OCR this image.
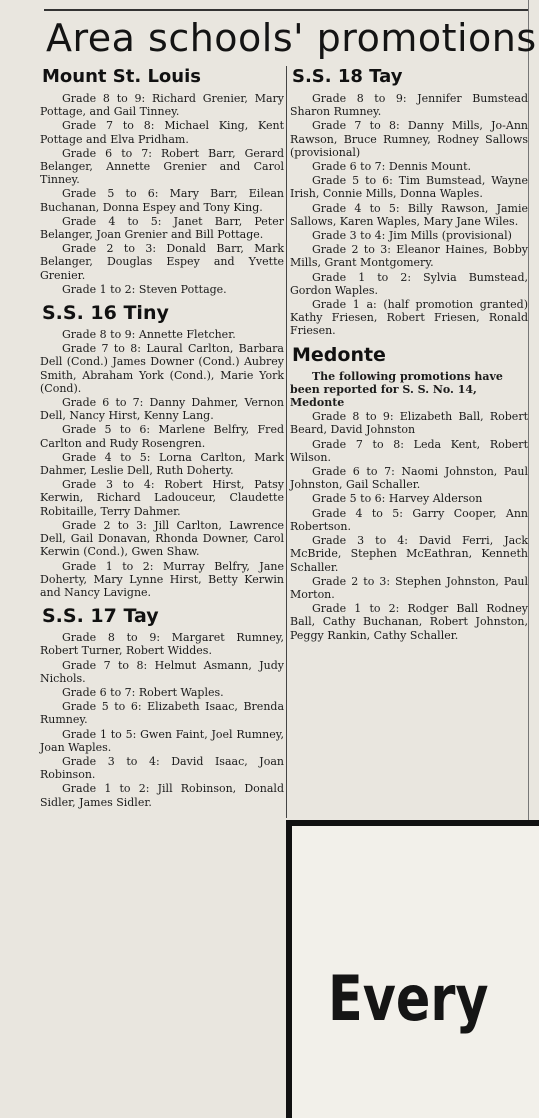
Area schools' promotions
Mount St. Louis

Grade 8 to 9: Richard Grenier, Mary Pottage, and Gail Tinney.

Grade 7 to 8: Michael King, Kent Pottage and Elva Pridham.

Grade 6 to 7: Robert Barr, Gerard Belanger, Annette Grenier and Carol Tinney.

Grade 5 to 6: Mary Barr, Eilean Buchanan, Donna Espey and Tony King.

Grade 4 to 5: Janet Barr, Peter Belanger, Joan Grenier and Bill Pottage.

Grade 2 to 3: Donald Barr, Mark Belanger, Douglas Espey and Yvette Grenier.

Grade 1 to 2: Steven Pottage.

S.S. 16 Tiny

Grade 8 to 9: Annette Fletcher.

Grade 7 to 8: Laural Carlton, Barbara Dell (Cond.) James Downer (Cond.) Aubrey Smith, Abraham York (Cond.), Marie York (Cond).

Grade 6 to 7: Danny Dahmer, Vernon Dell, Nancy Hirst, Kenny Lang.

Grade 5 to 6: Marlene Belfry, Fred Carlton and Rudy Rosengren.

Grade 4 to 5: Lorna Carlton, Mark Dahmer, Leslie Dell, Ruth Doherty.

Grade 3 to 4: Robert Hirst, Patsy Kerwin, Richard Ladouceur, Claudette Robitaille, Terry Dahmer.

Grade 2 to 3: Jill Carlton, Lawrence Dell, Gail Donavan, Rhonda Downer, Carol Kerwin (Cond.), Gwen Shaw.

Grade 1 to 2: Murray Belfry, Jane Doherty, Mary Lynne Hirst, Betty Kerwin and Nancy Lavigne.

S.S. 17 Tay

Grade 8 to 9: Margaret Rumney, Robert Turner, Robert Widdes.

Grade 7 to 8: Helmut Asmann, Judy Nichols.

Grade 6 to 7: Robert Waples.

Grade 5 to 6: Elizabeth Isaac, Brenda Rumney.

Grade 1 to 5: Gwen Faint, Joel Rumney, Joan Waples.

Grade 3 to 4: David Isaac, Joan Robinson.

Grade 1 to 2: Jill Robinson, Donald Sidler, James Sidler.

S.S. 18 Tay

Grade 8 to 9: Jennifer Bumstead Sharon Rumney.

Grade 7 to 8: Danny Mills, Jo-Ann Rawson, Bruce Rumney, Rodney Sallows (provisional)

Grade 6 to 7: Dennis Mount.

Grade 5 to 6: Tim Bumstead, Wayne Irish, Connie Mills, Donna Waples.

Grade 4 to 5: Billy Rawson, Jamie Sallows, Karen Waples, Mary Jane Wiles.

Grade 3 to 4: Jim Mills (provisional)

Grade 2 to 3: Eleanor Haines, Bobby Mills, Grant Montgomery.

Grade 1 to 2: Sylvia Bumstead, Gordon Waples.

Grade 1 a: (half promotion granted) Kathy Friesen, Robert Friesen, Ronald Friesen.

Medonte

The following promotions have been reported for S. S. No. 14, Medonte

Grade 8 to 9: Elizabeth Ball, Robert Beard, David Johnston

Grade 7 to 8: Leda Kent, Robert Wilson.

Grade 6 to 7: Naomi Johnston, Paul Johnston, Gail Schaller.

Grade 5 to 6: Harvey Alderson

Grade 4 to 5: Garry Cooper, Ann Robertson.

Grade 3 to 4: David Ferri, Jack McBride, Stephen McEathran, Kenneth Schaller.

Grade 2 to 3: Stephen Johnston, Paul Morton.

Grade 1 to 2: Rodger Ball Rodney Ball, Cathy Buchanan, Robert Johnston, Peggy Rankin, Cathy Schaller.

Every
